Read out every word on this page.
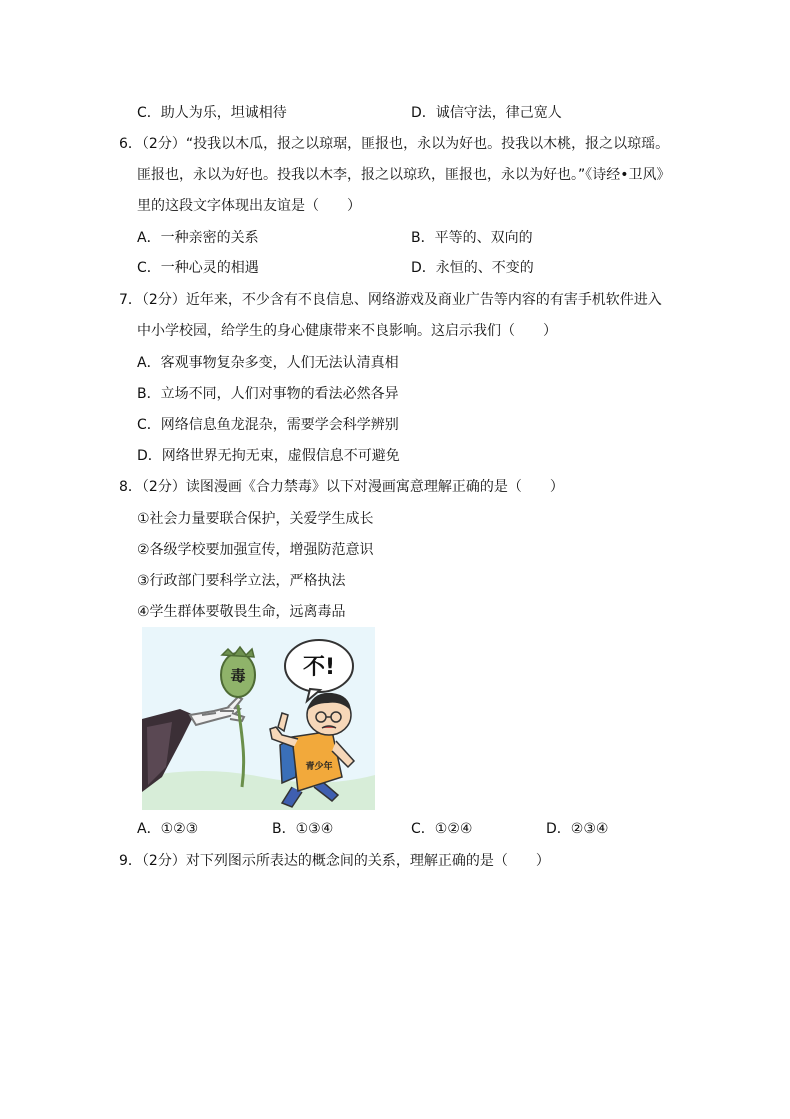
C．助人为乐，坦诚相待	D．诚信守法，律己宽人
6．（2分）“投我以木瓜，报之以琼琚，匪报也，永以为好也。投我以木桃，报之以琼瑶。
匪报也，永以为好也。投我以木李，报之以琼玖，匪报也，永以为好也。”《诗经•卫风》
里的这段文字体现出友谊是（　　）
A．一种亲密的关系	B．平等的、双向的
C．一种心灵的相遇	D．永恒的、不变的
7．（2分）近年来，不少含有不良信息、网络游戏及商业广告等内容的有害手机软件进入
中小学校园，给学生的身心健康带来不良影响。这启示我们（　　）
A．客观事物复杂多变，人们无法认清真相
B．立场不同，人们对事物的看法必然各异
C．网络信息鱼龙混杂，需要学会科学辨别
D．网络世界无拘无束，虚假信息不可避免
8．（2分）读图漫画《合力禁毒》以下对漫画寓意理解正确的是（　　）
①社会力量要联合保护，关爱学生成长
②各级学校要加强宣传，增强防范意识
③行政部门要科学立法，严格执法
④学生群体要敬畏生命，远离毒品
毒	不!
青少年
A．①②③	B．①③④	C．①②④	D．②③④
9．（2分）对下列图示所表达的概念间的关系，理解正确的是（　　）
